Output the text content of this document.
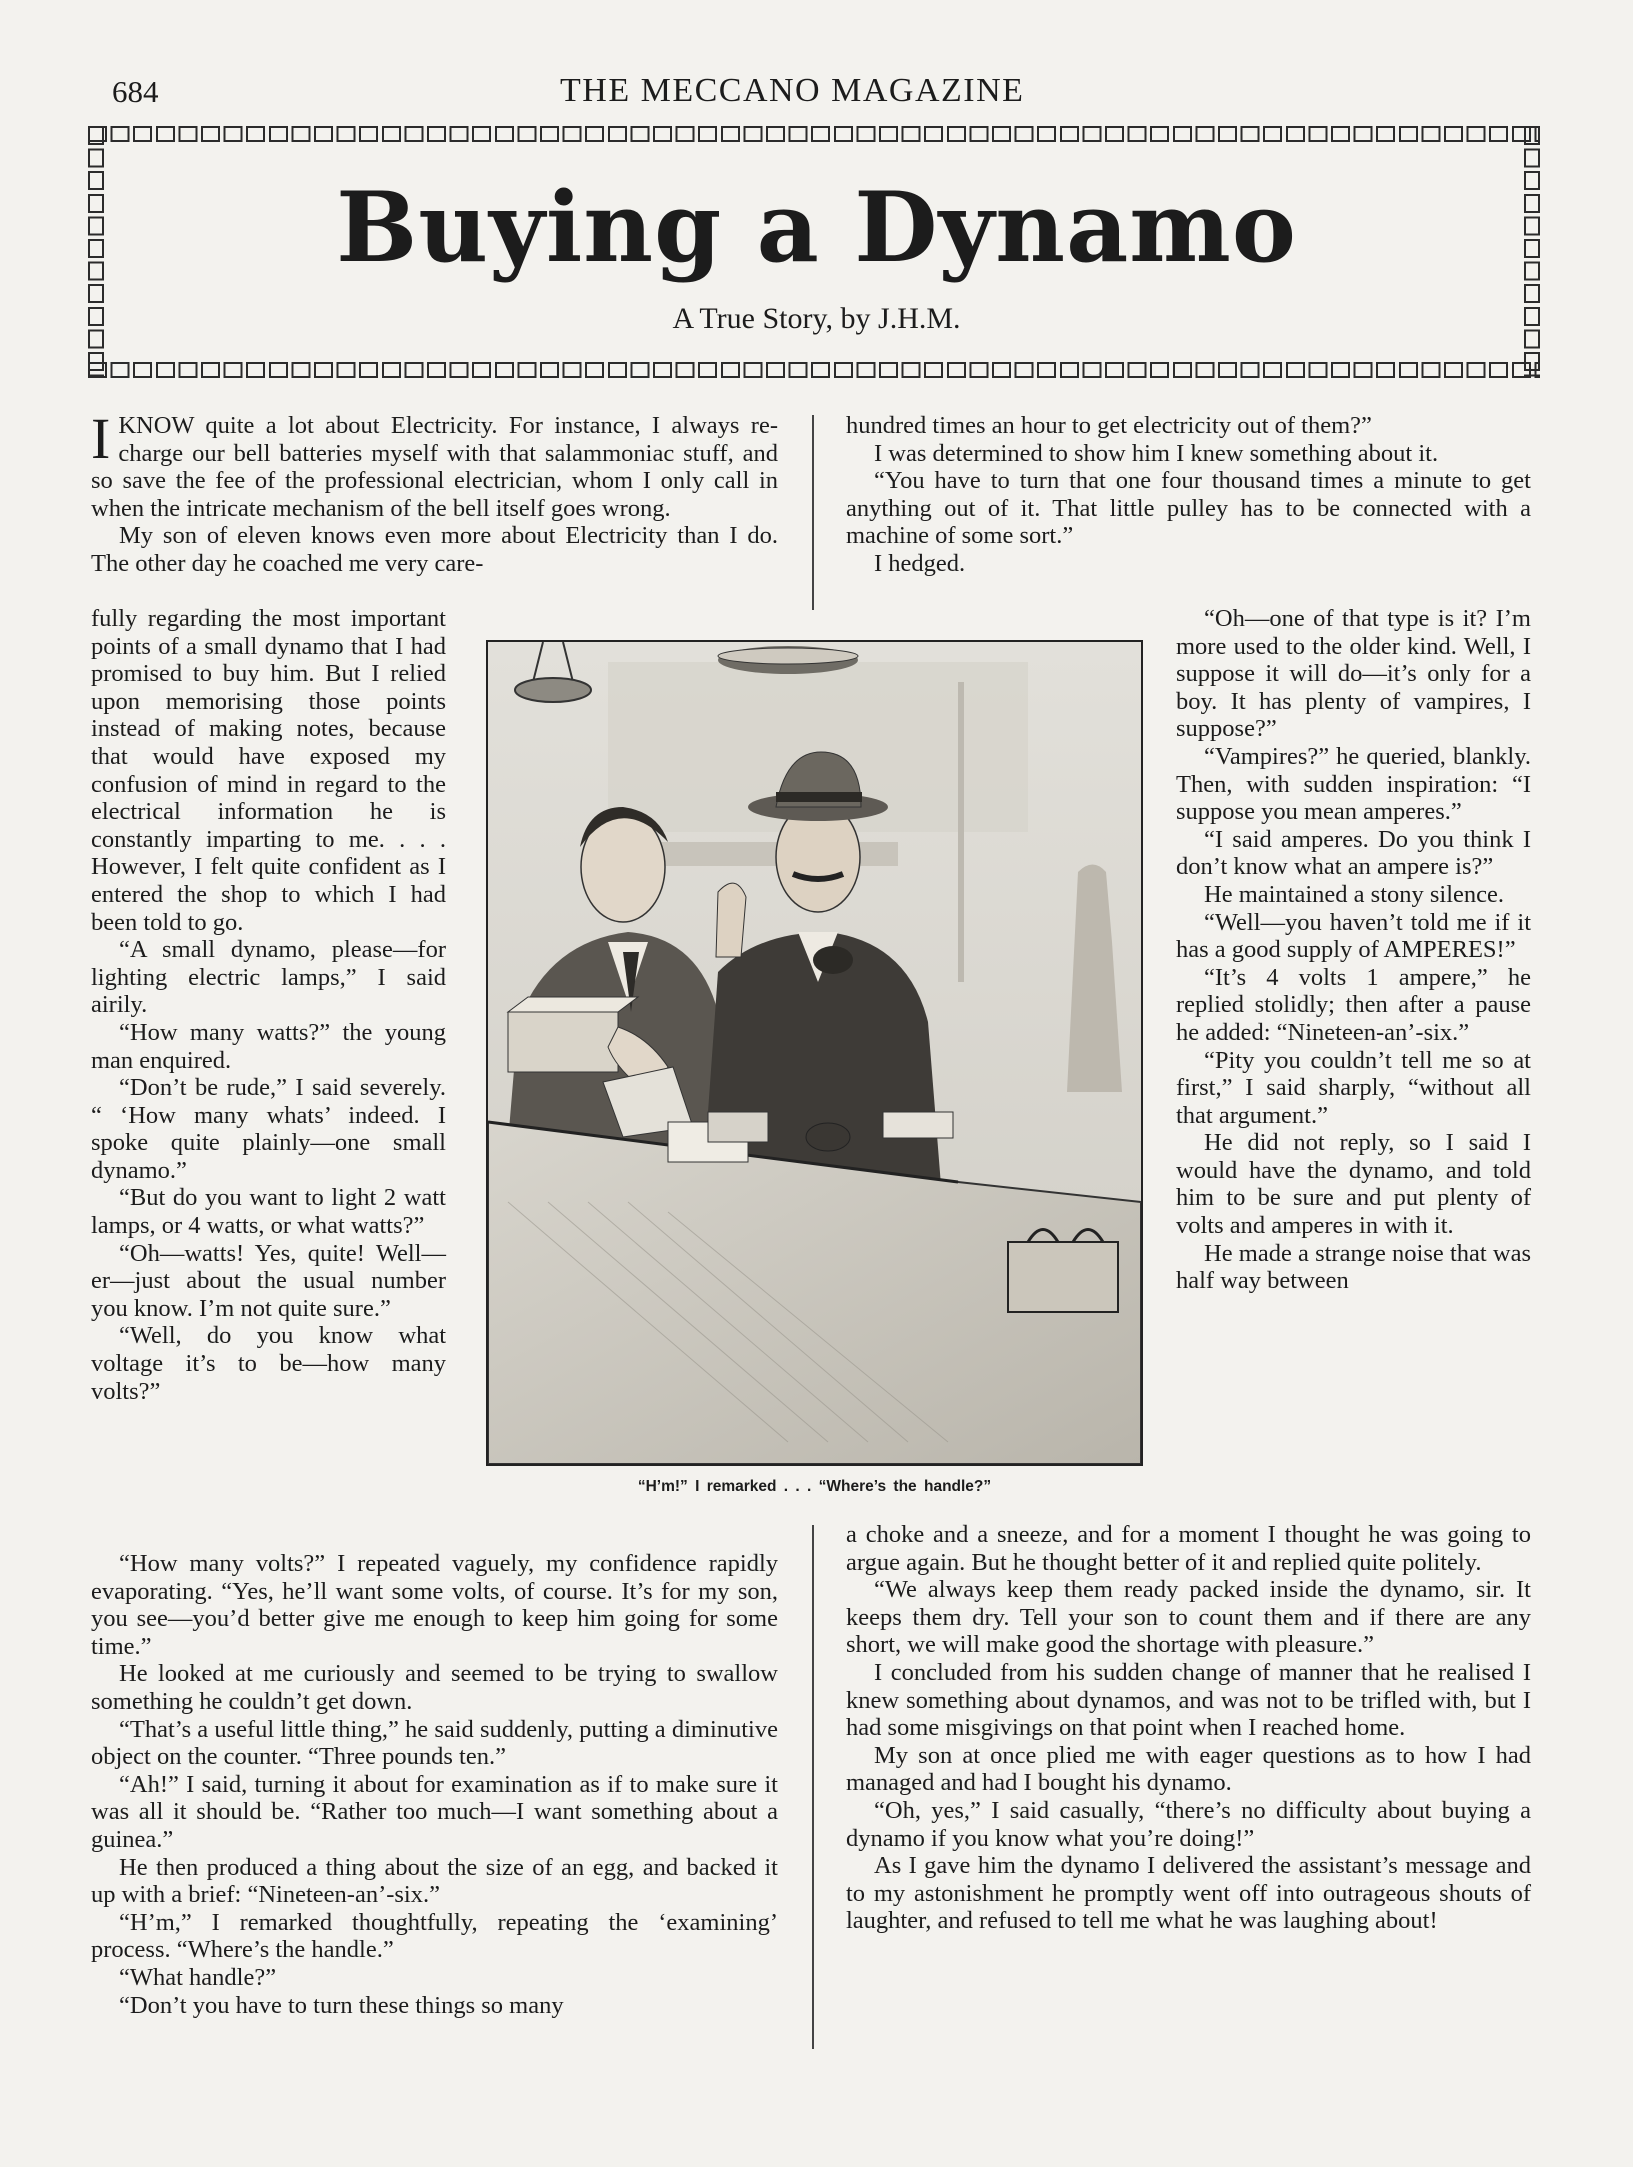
684	THE MECCANO MAGAZINE
Buying a Dynamo
A True Story, by J.H.M.

IKNOW quite a lot about Electricity. For instance, I always re-charge our bell batteries myself with that salammoniac stuff, and so save the fee of the professional electrician, whom I only call in when the intricate mechanism of the bell itself goes wrong.

My son of eleven knows even more about Electricity than I do. The other day he coached me very care-

fully regarding the most important points of a small dynamo that I had promised to buy him. But I relied upon memorising those points instead of making notes, because that would have exposed my confusion of mind in regard to the electrical information he is constantly imparting to me. . . . However, I felt quite confident as I entered the shop to which I had been told to go.

“A small dynamo, please—for lighting electric lamps,” I said airily.

“How many watts?” the young man enquired.

“Don’t be rude,” I said severely. “ ‘How many whats’ indeed. I spoke quite plainly—one small dynamo.”

“But do you want to light 2 watt lamps, or 4 watts, or what watts?”

“Oh—watts! Yes, quite! Well—er—just about the usual number you know. I’m not quite sure.”

“Well, do you know what voltage it’s to be—how many volts?”

“How many volts?” I repeated vaguely, my confidence rapidly evaporating. “Yes, he’ll want some volts, of course. It’s for my son, you see—you’d better give me enough to keep him going for some time.”

He looked at me curiously and seemed to be trying to swallow something he couldn’t get down.

“That’s a useful little thing,” he said suddenly, putting a diminutive object on the counter. “Three pounds ten.”

“Ah!” I said, turning it about for examination as if to make sure it was all it should be. “Rather too much—I want something about a guinea.”

He then produced a thing about the size of an egg, and backed it up with a brief: “Nineteen-an’-six.”

“H’m,” I remarked thoughtfully, repeating the ‘examining’ process. “Where’s the handle.”

“What handle?”

“Don’t you have to turn these things so many

hundred times an hour to get electricity out of them?”

I was determined to show him I knew something about it.

“You have to turn that one four thousand times a minute to get anything out of it. That little pulley has to be connected with a machine of some sort.”

I hedged.

“Oh—one of that type is it? I’m more used to the older kind. Well, I suppose it will do—it’s only for a boy. It has plenty of vampires, I suppose?”

“Vampires?” he queried, blankly. Then, with sudden inspiration: “I suppose you mean amperes.”

“I said amperes. Do you think I don’t know what an ampere is?”

He maintained a stony silence.

“Well—you haven’t told me if it has a good supply of AMPERES!”

“It’s 4 volts 1 ampere,” he replied stolidly; then after a pause he added: “Nineteen-an’-six.”

“Pity you couldn’t tell me so at first,” I said sharply, “without all that argument.”

He did not reply, so I said I would have the dynamo, and told him to be sure and put plenty of volts and amperes in with it.

He made a strange noise that was half way between

a choke and a sneeze, and for a moment I thought he was going to argue again. But he thought better of it and replied quite politely.

“We always keep them ready packed inside the dynamo, sir. It keeps them dry. Tell your son to count them and if there are any short, we will make good the shortage with pleasure.”

I concluded from his sudden change of manner that he realised I knew something about dynamos, and was not to be trifled with, but I had some misgivings on that point when I reached home.

My son at once plied me with eager questions as to how I had managed and had I bought his dynamo.

“Oh, yes,” I said casually, “there’s no difficulty about buying a dynamo if you know what you’re doing!”

As I gave him the dynamo I delivered the assistant’s message and to my astonishment he promptly went off into outrageous shouts of laughter, and refused to tell me what he was laughing about!

“H’m!” I remarked . . . “Where’s the handle?”
